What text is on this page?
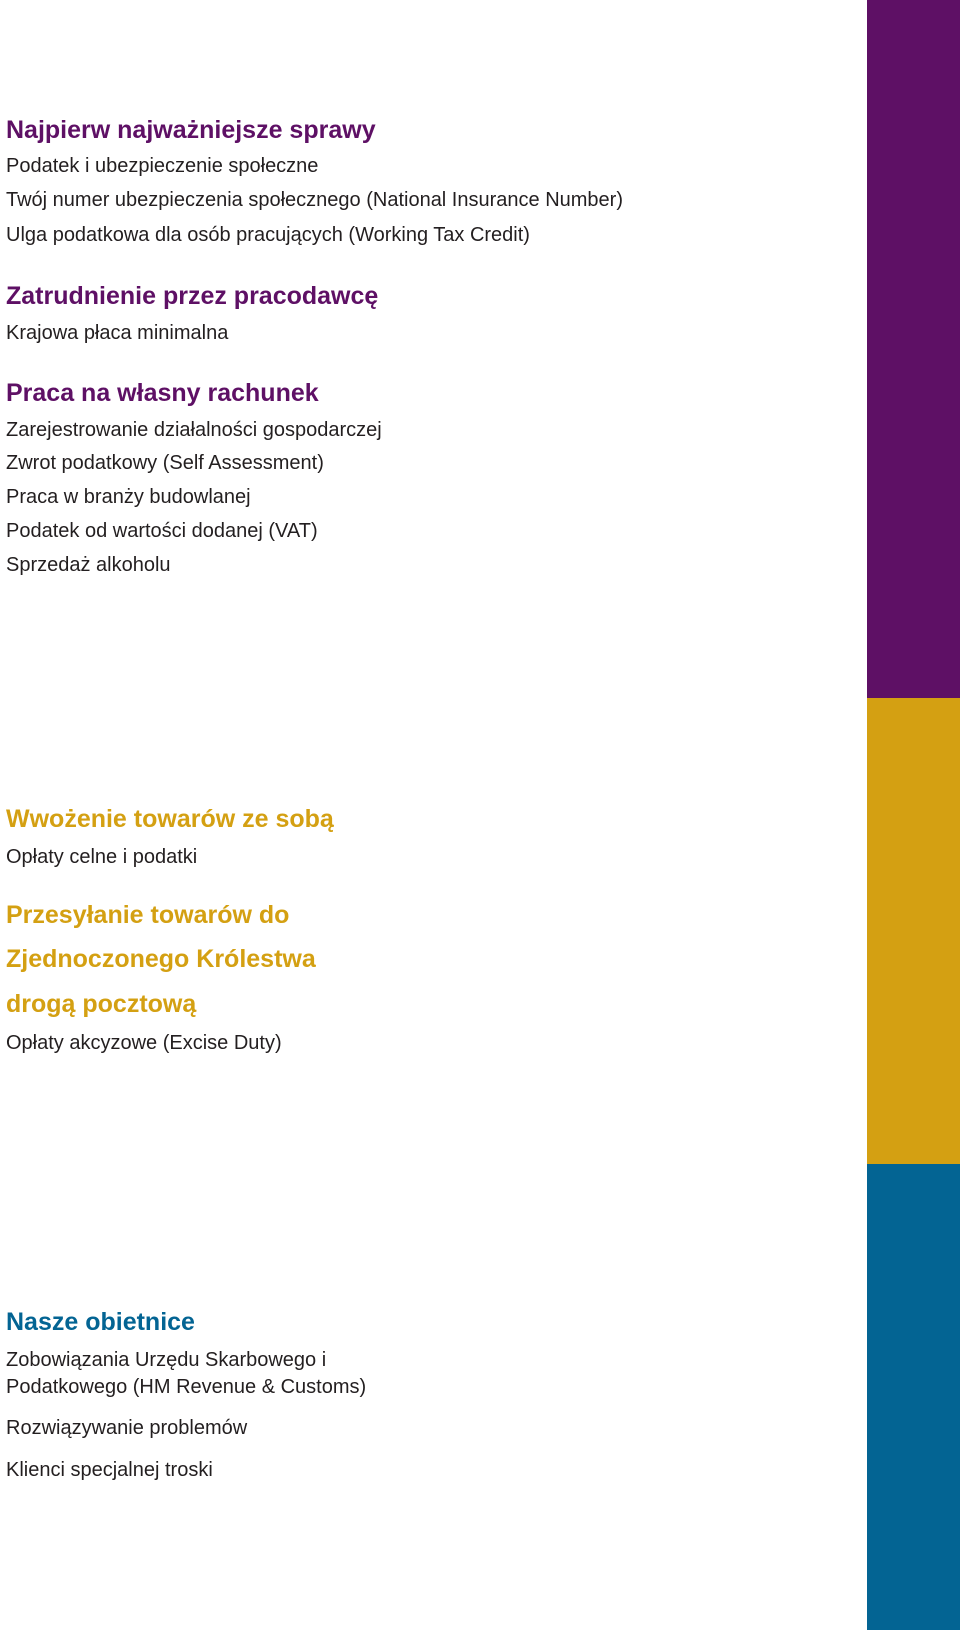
Najpierw najważniejsze sprawy
Podatek i ubezpieczenie społeczne
Twój numer ubezpieczenia społecznego (National Insurance Number)
Ulga podatkowa dla osób pracujących (Working Tax Credit)
Zatrudnienie przez pracodawcę
Krajowa płaca minimalna
Praca na własny rachunek
Zarejestrowanie działalności gospodarczej
Zwrot podatkowy (Self Assessment)
Praca w branży budowlanej
Podatek od wartości dodanej (VAT)
Sprzedaż alkoholu
Wwożenie towarów ze sobą
Opłaty celne i podatki
Przesyłanie towarów do
Zjednoczonego Królestwa
drogą pocztową
Opłaty akcyzowe (Excise Duty)
Nasze obietnice
Zobowiązania Urzędu Skarbowego i
Podatkowego (HM Revenue & Customs)
Rozwiązywanie problemów
Klienci specjalnej troski
